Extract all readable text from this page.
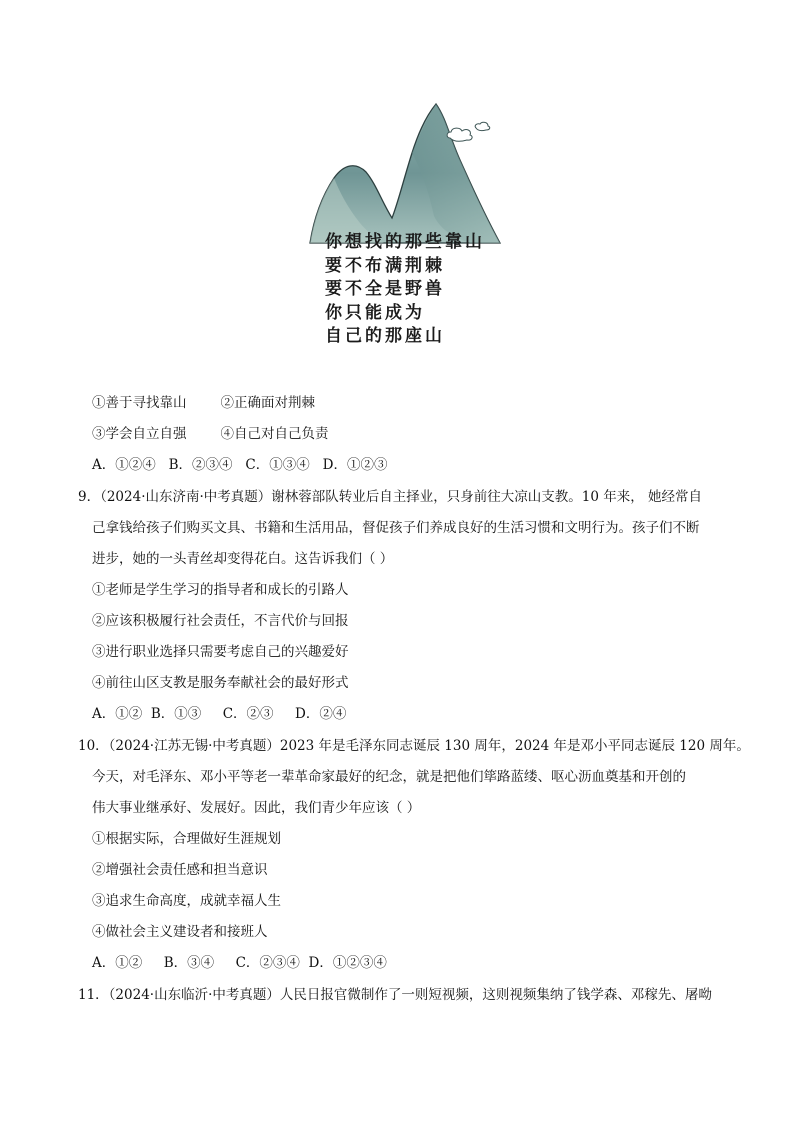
你想找的那些靠山
要不布满荆棘
要不全是野兽
你只能成为
自己的那座山
①善于寻找靠山	②正确面对荆棘
③学会自立自强	④自己对自己负责
A．①②④   B．②③④   C．①③④   D．①②③
9．（2024·山东济南·中考真题）谢林蓉部队转业后自主择业，只身前往大凉山支教。10 年来， 她经常自
己拿钱给孩子们购买文具、书籍和生活用品，督促孩子们养成良好的生活习惯和文明行为。孩子们不断
进步，她的一头青丝却变得花白。这告诉我们（ ）
①老师是学生学习的指导者和成长的引路人
②应该积极履行社会责任，不言代价与回报
③进行职业选择只需要考虑自己的兴趣爱好
④前往山区支教是服务奉献社会的最好形式
A．①②  B．①③     C．②③     D．②④
10．（2024·江苏无锡·中考真题）2023 年是毛泽东同志诞辰 130 周年，2024 年是邓小平同志诞辰 120 周年。
今天，对毛泽东、邓小平等老一辈革命家最好的纪念，就是把他们筚路蓝缕、呕心沥血奠基和开创的
伟大事业继承好、发展好。因此，我们青少年应该（ ）
①根据实际，合理做好生涯规划
②增强社会责任感和担当意识
③追求生命高度，成就幸福人生
④做社会主义建设者和接班人
A．①②     B．③④     C．②③④  D．①②③④
11．（2024·山东临沂·中考真题）人民日报官微制作了一则短视频，这则视频集纳了钱学森、邓稼先、屠呦
